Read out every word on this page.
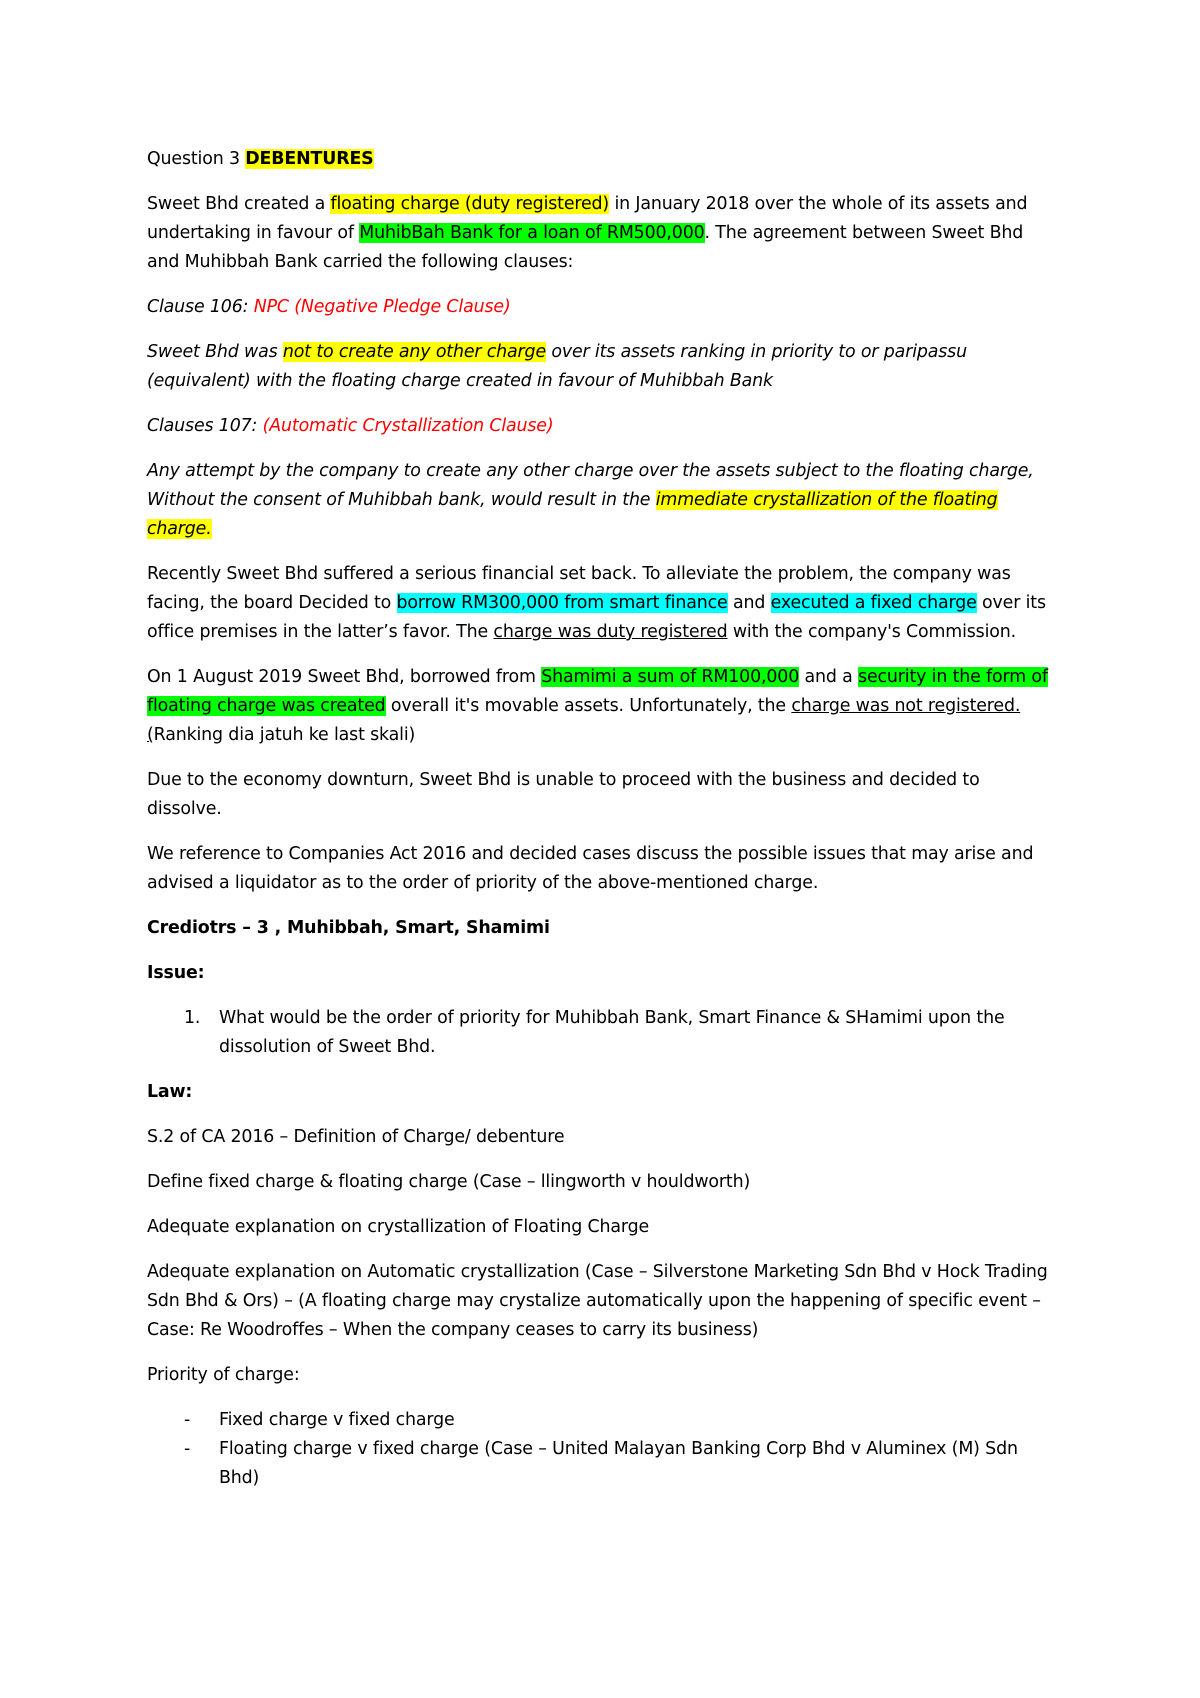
Question 3 DEBENTURES

Sweet Bhd created a floating charge (duty registered) in January 2018 over the whole of its assets and undertaking in favour of MuhibBah Bank for a loan of RM500,000. The agreement between Sweet Bhd and Muhibbah Bank carried the following clauses:

Clause 106: NPC (Negative Pledge Clause)

Sweet Bhd was not to create any other charge over its assets ranking in priority to or paripassu (equivalent) with the floating charge created in favour of Muhibbah Bank

Clauses 107: (Automatic Crystallization Clause)

Any attempt by the company to create any other charge over the assets subject to the floating charge, Without the consent of Muhibbah bank, would result in the immediate crystallization of the floating charge.

Recently Sweet Bhd suffered a serious financial set back. To alleviate the problem, the company was facing, the board Decided to borrow RM300,000 from smart finance and executed a fixed charge over its office premises in the latter’s favor. The charge was duty registered with the company's Commission.

On 1 August 2019 Sweet Bhd, borrowed from Shamimi a sum of RM100,000 and a security in the form of floating charge was created overall it's movable assets. Unfortunately, the charge was not registered. (Ranking dia jatuh ke last skali)

Due to the economy downturn, Sweet Bhd is unable to proceed with the business and decided to dissolve.

We reference to Companies Act 2016 and decided cases discuss the possible issues that may arise and advised a liquidator as to the order of priority of the above-mentioned charge.

Crediotrs – 3 , Muhibbah, Smart, Shamimi

Issue:

1.	What would be the order of priority for Muhibbah Bank, Smart Finance & SHamimi upon the dissolution of Sweet Bhd.

Law:

S.2 of CA 2016 – Definition of Charge/ debenture

Define fixed charge & floating charge (Case – llingworth v houldworth)

Adequate explanation on crystallization of Floating Charge

Adequate explanation on Automatic crystallization (Case – Silverstone Marketing Sdn Bhd v Hock Trading Sdn Bhd & Ors) – (A floating charge may crystalize automatically upon the happening of specific event – Case: Re Woodroffes – When the company ceases to carry its business)

Priority of charge:

-	Fixed charge v fixed charge
-	Floating charge v fixed charge (Case – United Malayan Banking Corp Bhd v Aluminex (M) Sdn Bhd)
